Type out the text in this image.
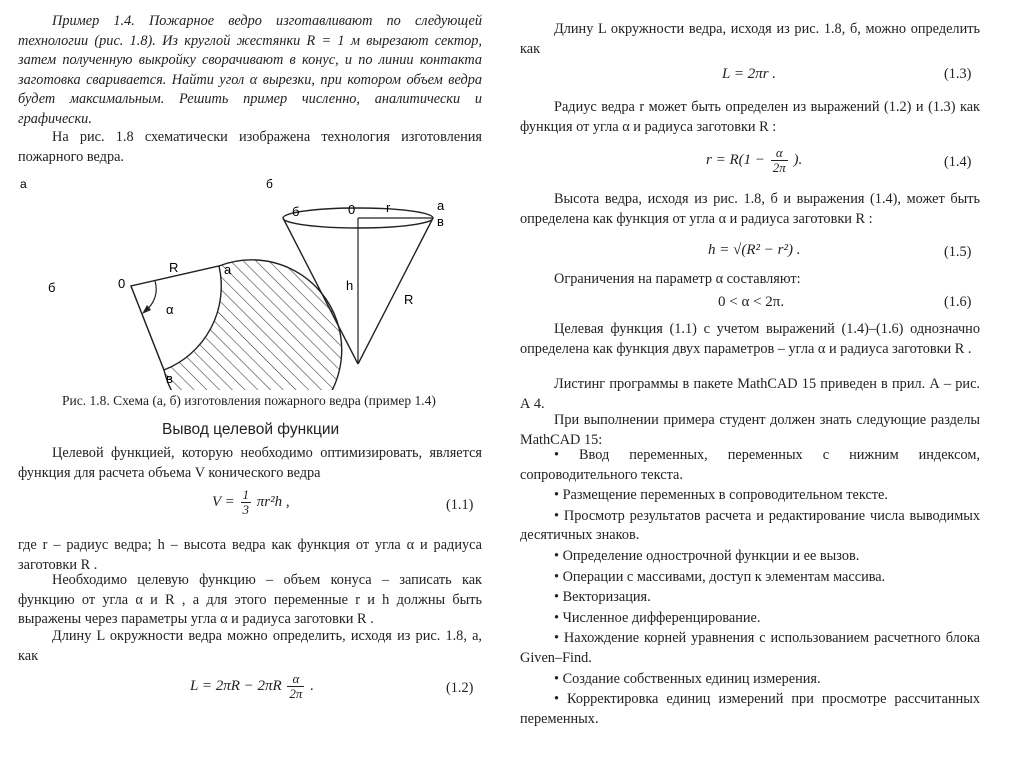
Пример 1.4. Пожарное ведро изготавливают по следующей технологии (рис. 1.8). Из круглой жестянки R = 1 м вырезают сектор, затем полученную выкройку сворачивают в конус, и по линии контакта заготовка сваривается. Найти угол α вырезки, при котором объем ведра будет максимальным. Решить пример численно, аналитически и графически.

На рис. 1.8 схематически изображена технология изготовления пожарного ведра.

а	б
0
R	a
б
α
в
б	0 r	а
в
h
R
Рис. 1.8. Схема (а, б) изготовления пожарного ведра (пример 1.4)
Вывод целевой функции

Целевой функцией, которую необходимо оптимизировать, является функция для расчета объема V конического ведра

$V = \frac{1}{3} \pi r^2h$ ,	(1.1)

где r – радиус ведра; h – высота ведра как функция от угла α и радиуса заготовки R .

Необходимо целевую функцию – объем конуса – записать как функцию от угла α и R , а для этого переменные r и h должны быть выражены через параметры угла α и радиуса заготовки R .

Длину L окружности ведра можно определить, исходя из рис. 1.8, а, как

$L = 2\pi R - 2\pi R \frac{\alpha}{2\pi}$ .	(1.2)

Длину L окружности ведра, исходя из рис. 1.8, б, можно определить как

L = 2πr .	(1.3)

Радиус ведра r может быть определен из выражений (1.2) и (1.3) как функция от угла α и радиуса заготовки R :

$r = R(1 - \frac{\alpha}{2\pi}$ ).	(1.4)

Высота ведра, исходя из рис. 1.8, б и выражения (1.4), может быть определена как функция от угла α и радиуса заготовки R :

h = √(R² − r²) .	(1.5)

Ограничения на параметр α составляют:

0 < α < 2π.	(1.6)

Целевая функция (1.1) с учетом выражений (1.4)–(1.6) однозначно определена как функция двух параметров – угла α и радиуса заготовки R .

Листинг программы в пакете MathCAD 15 приведен в прил. А – рис. А 4.

При выполнении примера студент должен знать следующие разделы MathCAD 15:

• Ввод переменных, переменных с нижним индексом, сопроводительного текста.

• Размещение переменных в сопроводительном тексте.

• Просмотр результатов расчета и редактирование числа выводимых десятичных знаков.

• Определение однострочной функции и ее вызов.

• Операции с массивами, доступ к элементам массива.

• Векторизация.

• Численное дифференцирование.

• Нахождение корней уравнения с использованием расчетного блока Given–Find.

• Создание собственных единиц измерения.

• Корректировка единиц измерений при просмотре рассчитанных переменных.
